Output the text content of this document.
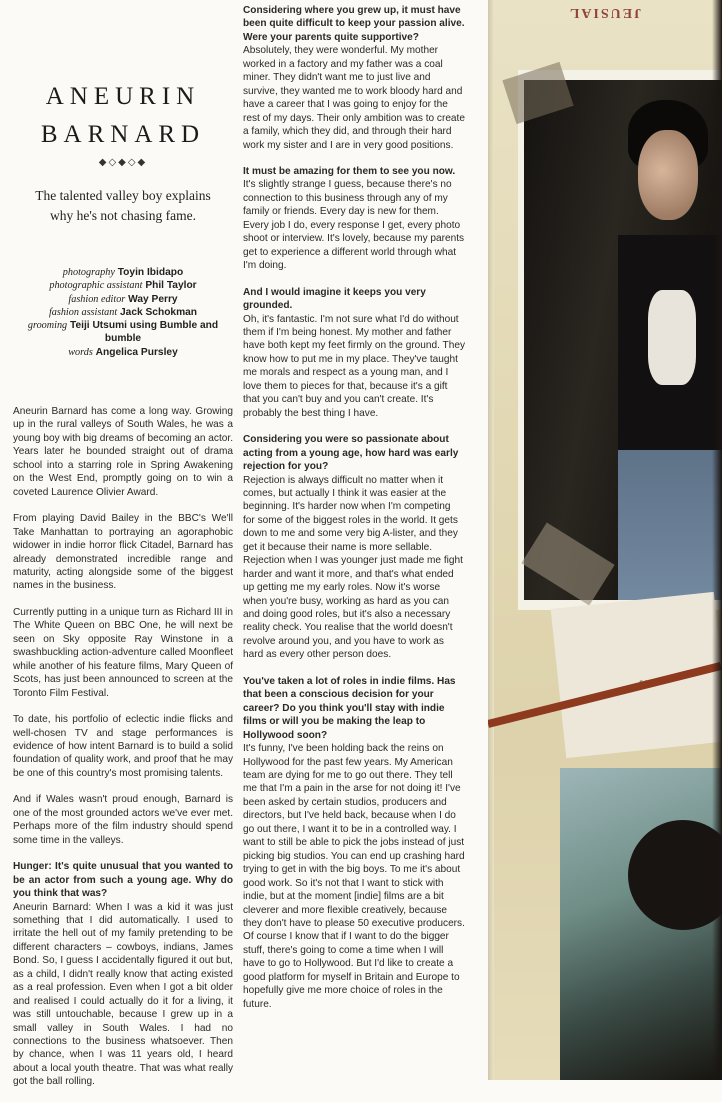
ANEURIN
BARNARD
◆◇◆◇◆
The talented valley boy explains why he's not chasing fame.
photography Toyin Ibidapo
photographic assistant Phil Taylor
fashion editor Way Perry
fashion assistant Jack Schokman
grooming Teiji Utsumi using Bumble and bumble
words Angelica Pursley

Aneurin Barnard has come a long way. Growing up in the rural valleys of South Wales, he was a young boy with big dreams of becoming an actor. Years later he bounded straight out of drama school into a starring role in Spring Awakening on the West End, promptly going on to win a coveted Laurence Olivier Award.

From playing David Bailey in the BBC's We'll Take Manhattan to portraying an agoraphobic widower in indie horror flick Citadel, Barnard has already demonstrated incredible range and maturity, acting alongside some of the biggest names in the business.

Currently putting in a unique turn as Richard III in The White Queen on BBC One, he will next be seen on Sky opposite Ray Winstone in a swashbuckling action-adventure called Moonfleet while another of his feature films, Mary Queen of Scots, has just been announced to screen at the Toronto Film Festival.

To date, his portfolio of eclectic indie flicks and well-chosen TV and stage performances is evidence of how intent Barnard is to build a solid foundation of quality work, and proof that he may be one of this country's most promising talents.

And if Wales wasn't proud enough, Barnard is one of the most grounded actors we've ever met. Perhaps more of the film industry should spend some time in the valleys.

Hunger: It's quite unusual that you wanted to be an actor from such a young age. Why do you think that was?
Aneurin Barnard: When I was a kid it was just something that I did automatically. I used to irritate the hell out of my family pretending to be different characters – cowboys, indians, James Bond. So, I guess I accidentally figured it out but, as a child, I didn't really know that acting existed as a real profession. Even when I got a bit older and realised I could actually do it for a living, it was still untouchable, because I grew up in a small valley in South Wales. I had no connections to the business whatsoever. Then by chance, when I was 11 years old, I heard about a local youth theatre. That was what really got the ball rolling.
Considering where you grew up, it must have been quite difficult to keep your passion alive. Were your parents quite supportive?
Absolutely, they were wonderful. My mother worked in a factory and my father was a coal miner. They didn't want me to just live and survive, they wanted me to work bloody hard and have a career that I was going to enjoy for the rest of my days. Their only ambition was to create a family, which they did, and through their hard work my sister and I are in very good positions.
It must be amazing for them to see you now.
It's slightly strange I guess, because there's no connection to this business through any of my family or friends. Every day is new for them. Every job I do, every response I get, every photo shoot or interview. It's lovely, because my parents get to experience a different world through what I'm doing.
And I would imagine it keeps you very grounded.
Oh, it's fantastic. I'm not sure what I'd do without them if I'm being honest. My mother and father have both kept my feet firmly on the ground. They know how to put me in my place. They've taught me morals and respect as a young man, and I love them to pieces for that, because it's a gift that you can't buy and you can't create. It's probably the best thing I have.
Considering you were so passionate about acting from a young age, how hard was early rejection for you?
Rejection is always difficult no matter when it comes, but actually I think it was easier at the beginning. It's harder now when I'm competing for some of the biggest roles in the world. It gets down to me and some very big A-lister, and they get it because their name is more sellable. Rejection when I was younger just made me fight harder and want it more, and that's what ended up getting me my early roles. Now it's worse when you're busy, working as hard as you can and doing good roles, but it's also a necessary reality check. You realise that the world doesn't revolve around you, and you have to work as hard as every other person does.
You've taken a lot of roles in indie films. Has that been a conscious decision for your career? Do you think you'll stay with indie films or will you be making the leap to Hollywood soon?
It's funny, I've been holding back the reins on Hollywood for the past few years. My American team are dying for me to go out there. They tell me that I'm a pain in the arse for not doing it! I've been asked by certain studios, producers and directors, but I've held back, because when I do go out there, I want it to be in a controlled way. I want to still be able to pick the jobs instead of just picking big studios. You can end up crashing hard trying to get in with the big boys. To me it's about good work. So it's not that I want to stick with indie, but at the moment [indie] films are a bit cleverer and more flexible creatively, because they don't have to please 50 executive producers. Of course I know that if I want to do the bigger stuff, there's going to come a time when I will have to go to Hollywood. But I'd like to create a good platform for myself in Britain and Europe to hopefully give me more choice of roles in the future.
JEUSIAL
